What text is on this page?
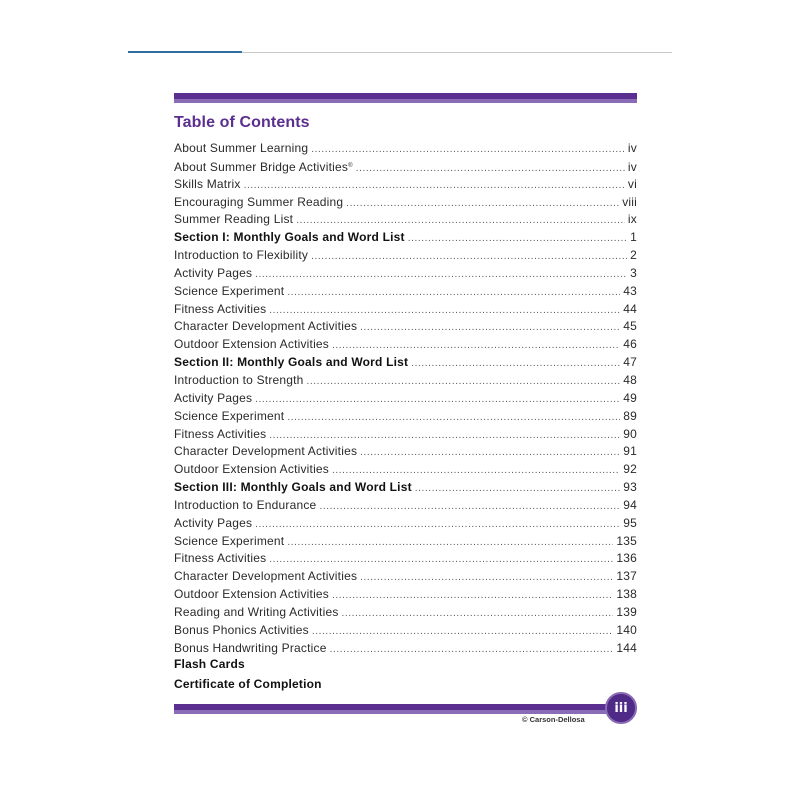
Table of Contents
About Summer Learning .....	iv
About Summer Bridge Activities® .....	iv
Skills Matrix .....	vi
Encouraging Summer Reading .....	viii
Summer Reading List .....	ix
Section I: Monthly Goals and Word List .....	1
Introduction to Flexibility .....	2
Activity Pages .....	3
Science Experiment .....	43
Fitness Activities .....	44
Character Development Activities .....	45
Outdoor Extension Activities .....	46
Section II: Monthly Goals and Word List .....	47
Introduction to Strength .....	48
Activity Pages .....	49
Science Experiment .....	89
Fitness Activities .....	90
Character Development Activities .....	91
Outdoor Extension Activities .....	92
Section III: Monthly Goals and Word List .....	93
Introduction to Endurance .....	94
Activity Pages .....	95
Science Experiment .....	135
Fitness Activities .....	136
Character Development Activities .....	137
Outdoor Extension Activities .....	138
Reading and Writing Activities .....	139
Bonus Phonics Activities .....	140
Bonus Handwriting Practice .....	144
Flash Cards
Certificate of Completion
iii
© Carson-Dellosa
